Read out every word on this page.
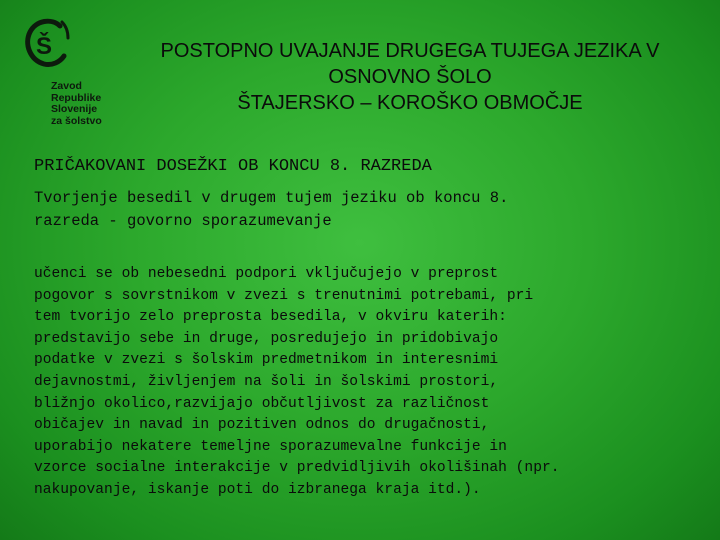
Š
Zavod
Republike
Slovenije
za šolstvo
POSTOPNO UVAJANJE DRUGEGA TUJEGA JEZIKA V
OSNOVNO ŠOLO
ŠTAJERSKO – KOROŠKO OBMOČJE
PRIČAKOVANI DOSEŽKI OB KONCU 8. RAZREDA
Tvorjenje besedil v drugem tujem jeziku ob koncu 8.
razreda - govorno sporazumevanje
učenci se ob nebesedni podpori vključujejo v preprost
pogovor s sovrstnikom v zvezi s trenutnimi potrebami, pri
tem tvorijo zelo preprosta besedila, v okviru katerih:
predstavijo sebe in druge, posredujejo in pridobivajo
podatke v zvezi s šolskim predmetnikom in interesnimi
dejavnostmi, življenjem na šoli in šolskimi prostori,
bližnjo okolico,razvijajo občutljivost za različnost
običajev in navad in pozitiven odnos do drugačnosti,
uporabijo nekatere temeljne sporazumevalne funkcije in
vzorce socialne interakcije v predvidljivih okolišinah (npr.
nakupovanje, iskanje poti do izbranega kraja itd.).
